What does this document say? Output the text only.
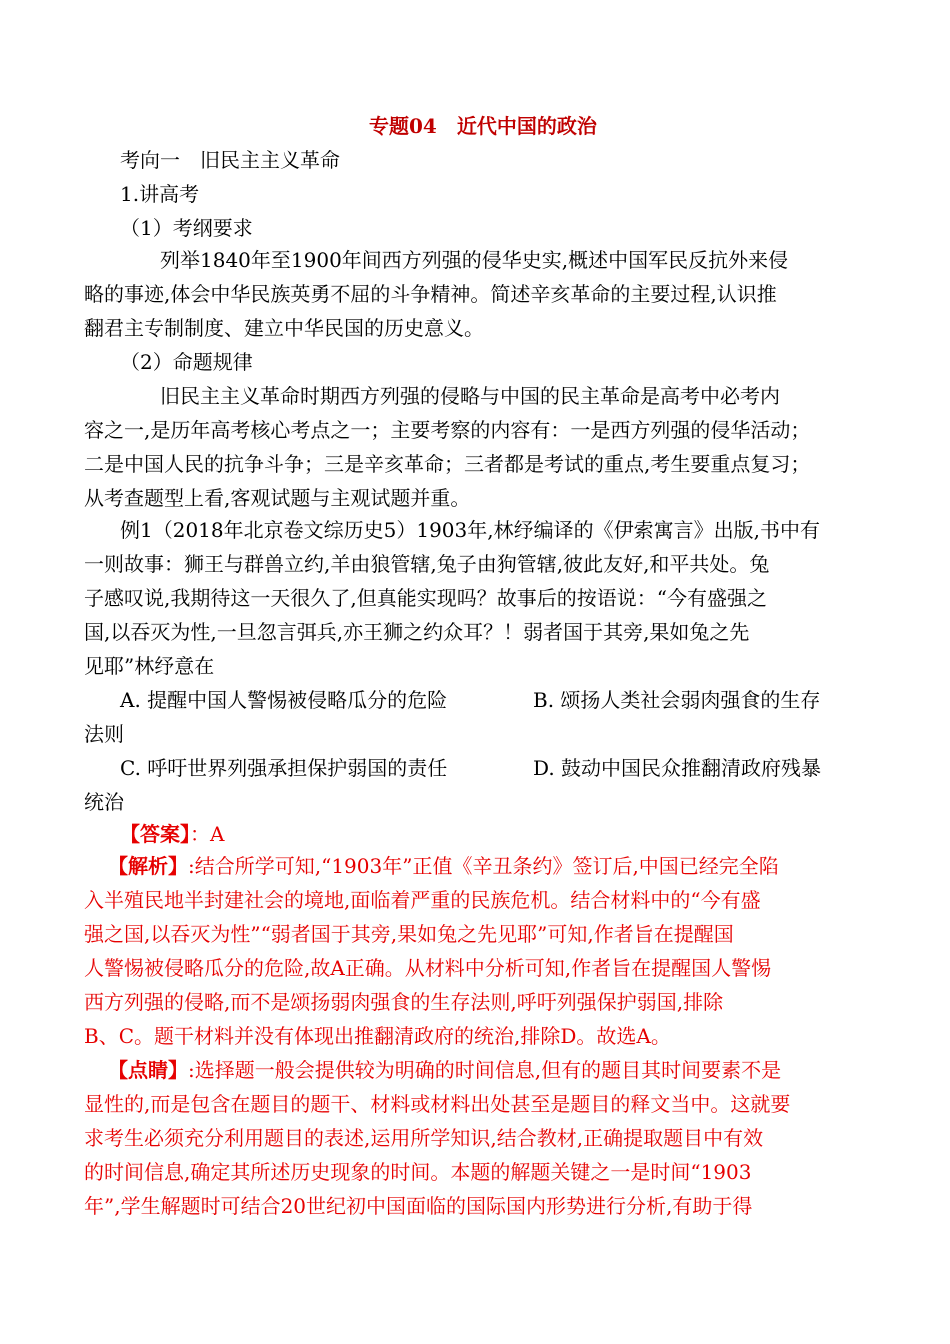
专题04　近代中国的政治
考向一　旧民主主义革命
1.讲高考
（1）考纲要求
列举1840年至1900年间西方列强的侵华史实,概述中国军民反抗外来侵
略的事迹,体会中华民族英勇不屈的斗争精神。简述辛亥革命的主要过程,认识推
翻君主专制制度、建立中华民国的历史意义。
（2）命题规律
旧民主主义革命时期西方列强的侵略与中国的民主革命是高考中必考内
容之一,是历年高考核心考点之一；主要考察的内容有：一是西方列强的侵华活动；
二是中国人民的抗争斗争；三是辛亥革命；三者都是考试的重点,考生要重点复习；
从考查题型上看,客观试题与主观试题并重。
例1（2018年北京卷文综历史5）1903年,林纾编译的《伊索寓言》出版,书中有
一则故事：狮王与群兽立约,羊由狼管辖,兔子由狗管辖,彼此友好,和平共处。兔
子感叹说,我期待这一天很久了,但真能实现吗？故事后的按语说：“今有盛强之
国,以吞灭为性,一旦忽言弭兵,亦王狮之约众耳？！弱者国于其旁,果如兔之先
见耶”林纾意在
A. 提醒中国人警惕被侵略瓜分的危险	B. 颂扬人类社会弱肉强食的生存
法则
C. 呼吁世界列强承担保护弱国的责任	D. 鼓动中国民众推翻清政府残暴
统治
【答案】：A
【解析】:结合所学可知,“1903年”正值《辛丑条约》签订后,中国已经完全陷
入半殖民地半封建社会的境地,面临着严重的民族危机。结合材料中的“今有盛
强之国,以吞灭为性”“弱者国于其旁,果如兔之先见耶”可知,作者旨在提醒国
人警惕被侵略瓜分的危险,故A正确。从材料中分析可知,作者旨在提醒国人警惕
西方列强的侵略,而不是颂扬弱肉强食的生存法则,呼吁列强保护弱国,排除
B、C。题干材料并没有体现出推翻清政府的统治,排除D。故选A。
【点睛】:选择题一般会提供较为明确的时间信息,但有的题目其时间要素不是
显性的,而是包含在题目的题干、材料或材料出处甚至是题目的释文当中。这就要
求考生必须充分利用题目的表述,运用所学知识,结合教材,正确提取题目中有效
的时间信息,确定其所述历史现象的时间。本题的解题关键之一是时间“1903
年”,学生解题时可结合20世纪初中国面临的国际国内形势进行分析,有助于得
